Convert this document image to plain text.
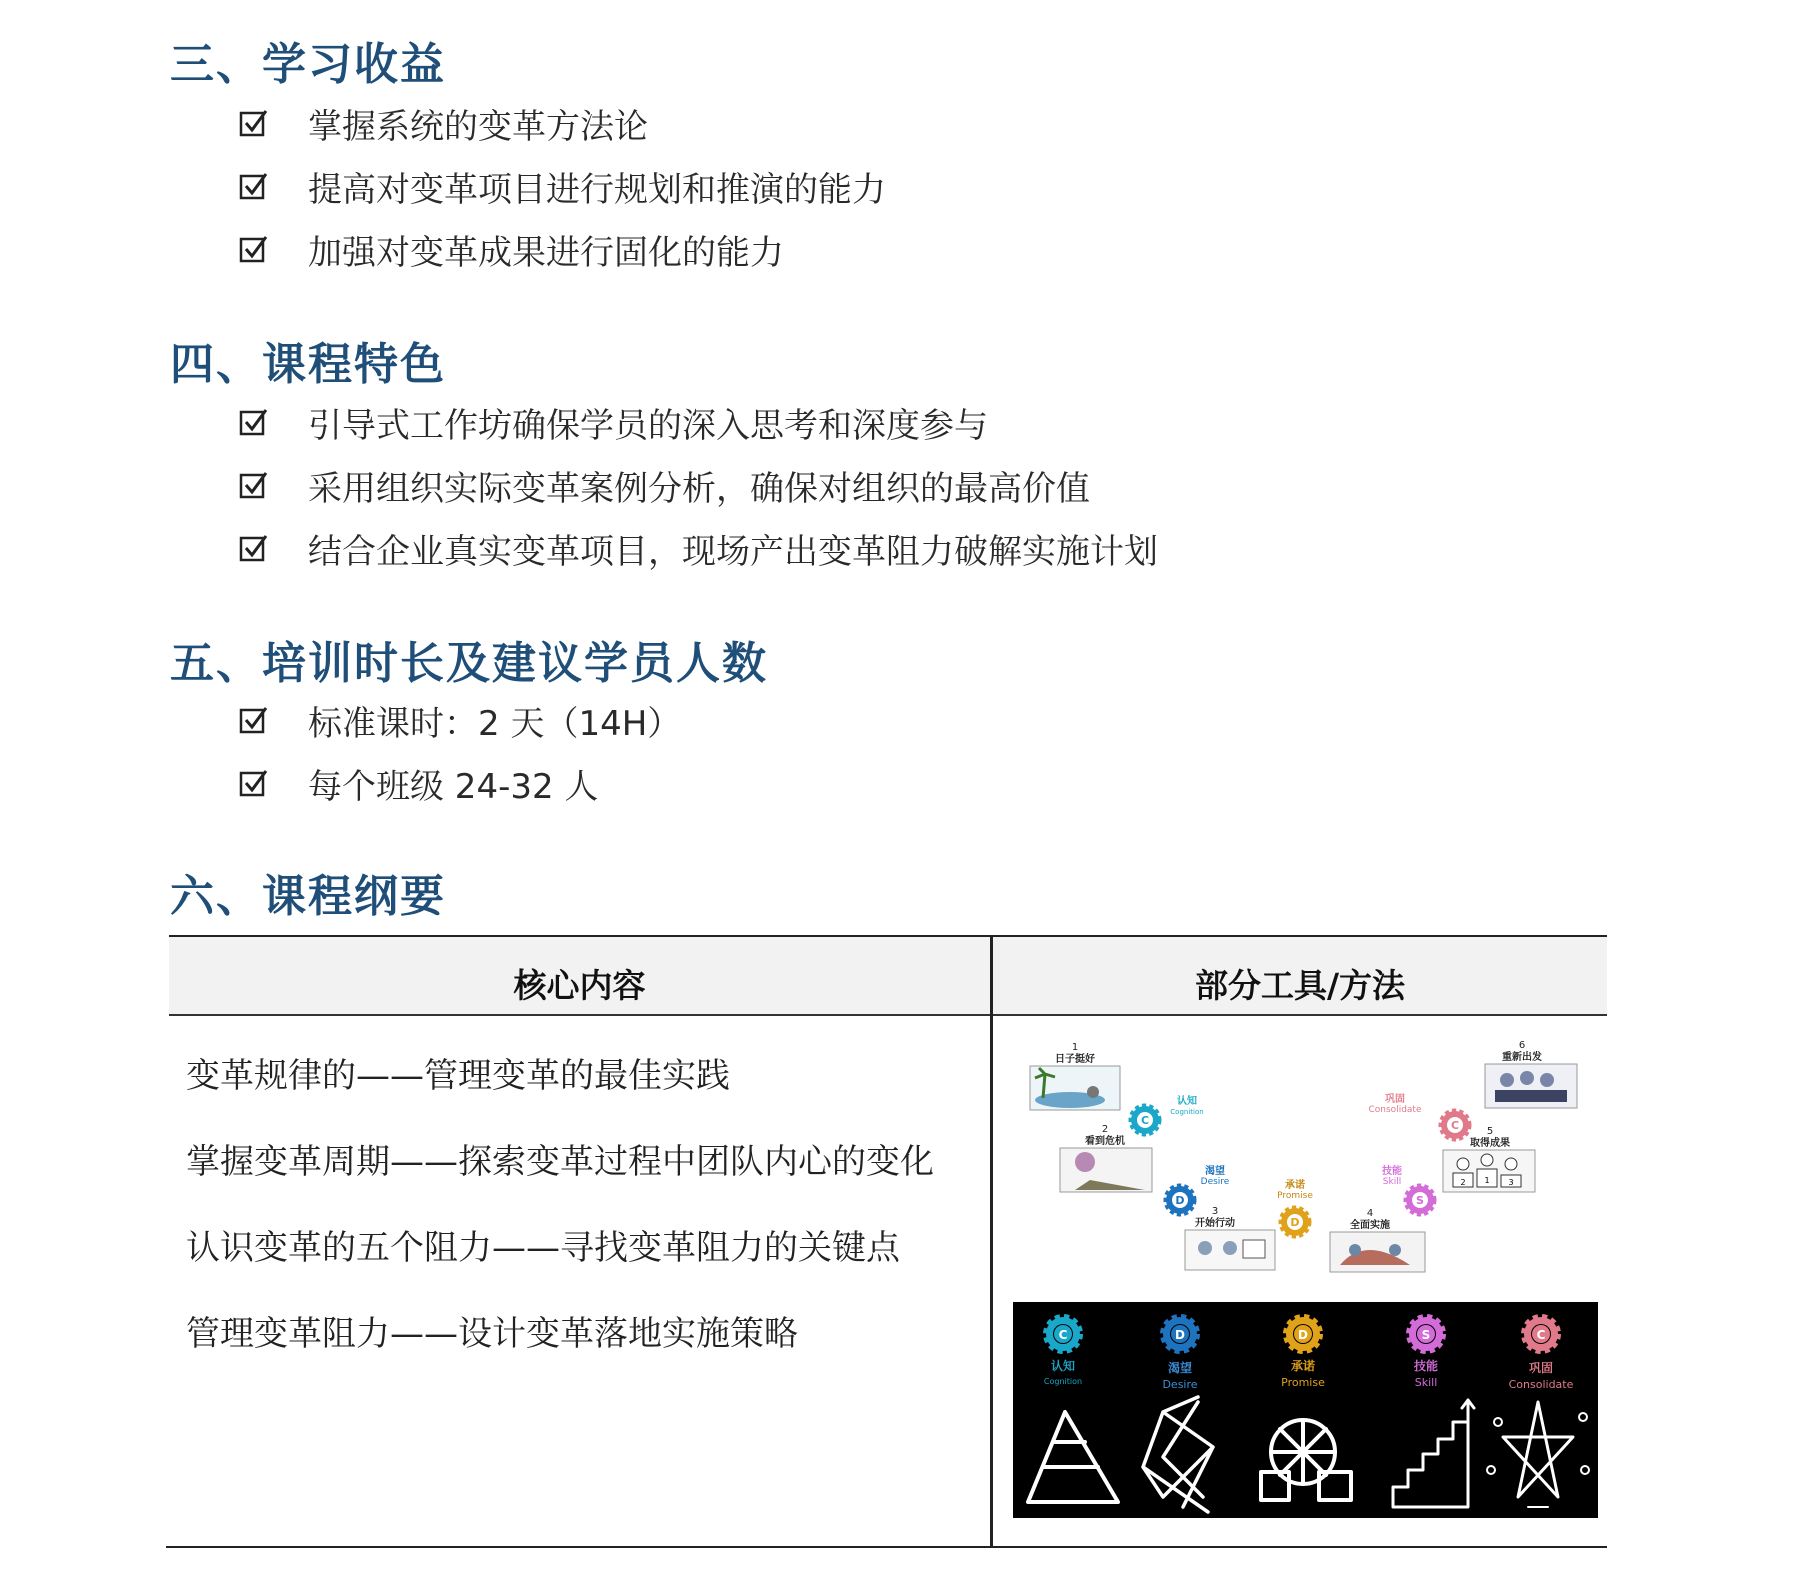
三、学习收益
掌握系统的变革方法论
提高对变革项目进行规划和推演的能力
加强对变革成果进行固化的能力
四、课程特色
引导式工作坊确保学员的深入思考和深度参与
采用组织实际变革案例分析，确保对组织的最高价值
结合企业真实变革项目，现场产出变革阻力破解实施计划
五、培训时长及建议学员人数
标准课时：2 天（14H）
每个班级 24-32 人
六、课程纲要
核心内容	部分工具/方法
变革规律的——管理变革的最佳实践
掌握变革周期——探索变革过程中团队内心的变化
认识变革的五个阻力——寻找变革阻力的关键点
管理变革阻力——设计变革落地实施策略
1
日子挺好
2
看到危机
3
开始行动
4
全面实施
5
取得成果
2 1 3
6
重新出发
C
认知
Cognition
D
渴望
Desire
D
承诺
Promise	S
技能
Skill
C
巩固
Consolidate
C
认知
Cognition
D
渴望
Desire
D
承诺
Promise
S
技能
Skill
C
巩固
Consolidate
